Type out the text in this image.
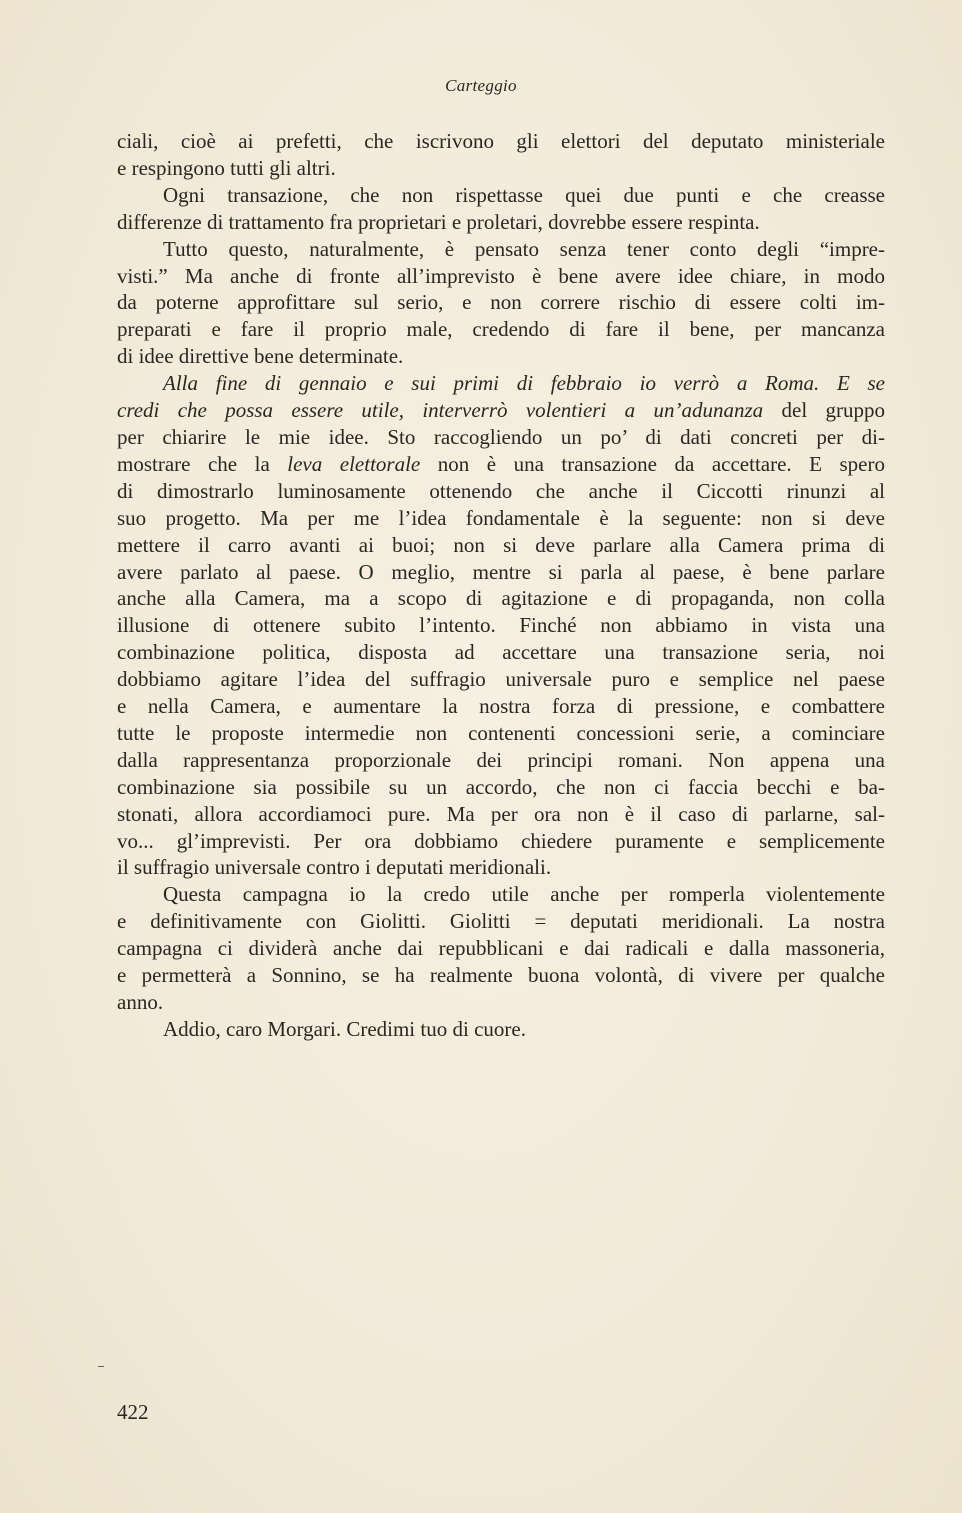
Carteggio
ciali, cioè ai prefetti, che iscrivono gli elettori del deputato ministeriale
e respingono tutti gli altri.
Ogni transazione, che non rispettasse quei due punti e che creasse
differenze di trattamento fra proprietari e proletari, dovrebbe essere respinta.
Tutto questo, naturalmente, è pensato senza tener conto degli “impre-
visti.” Ma anche di fronte all’imprevisto è bene avere idee chiare, in modo
da poterne approfittare sul serio, e non correre rischio di essere colti im-
preparati e fare il proprio male, credendo di fare il bene, per mancanza
di idee direttive bene determinate.
Alla fine di gennaio e sui primi di febbraio io verrò a Roma. E se
credi che possa essere utile, interverrò volentieri a un’adunanza del gruppo
per chiarire le mie idee. Sto raccogliendo un po’ di dati concreti per di-
mostrare che la leva elettorale non è una transazione da accettare. E spero
di dimostrarlo luminosamente ottenendo che anche il Ciccotti rinunzi al
suo progetto. Ma per me l’idea fondamentale è la seguente: non si deve
mettere il carro avanti ai buoi; non si deve parlare alla Camera prima di
avere parlato al paese. O meglio, mentre si parla al paese, è bene parlare
anche alla Camera, ma a scopo di agitazione e di propaganda, non colla
illusione di ottenere subito l’intento. Finché non abbiamo in vista una
combinazione politica, disposta ad accettare una transazione seria, noi
dobbiamo agitare l’idea del suffragio universale puro e semplice nel paese
e nella Camera, e aumentare la nostra forza di pressione, e combattere
tutte le proposte intermedie non contenenti concessioni serie, a cominciare
dalla rappresentanza proporzionale dei principi romani. Non appena una
combinazione sia possibile su un accordo, che non ci faccia becchi e ba-
stonati, allora accordiamoci pure. Ma per ora non è il caso di parlarne, sal-
vo... gl’imprevisti. Per ora dobbiamo chiedere puramente e semplicemente
il suffragio universale contro i deputati meridionali.
Questa campagna io la credo utile anche per romperla violentemente
e definitivamente con Giolitti. Giolitti = deputati meridionali. La nostra
campagna ci dividerà anche dai repubblicani e dai radicali e dalla massoneria,
e permetterà a Sonnino, se ha realmente buona volontà, di vivere per qualche
anno.
Addio, caro Morgari. Credimi tuo di cuore.
422
